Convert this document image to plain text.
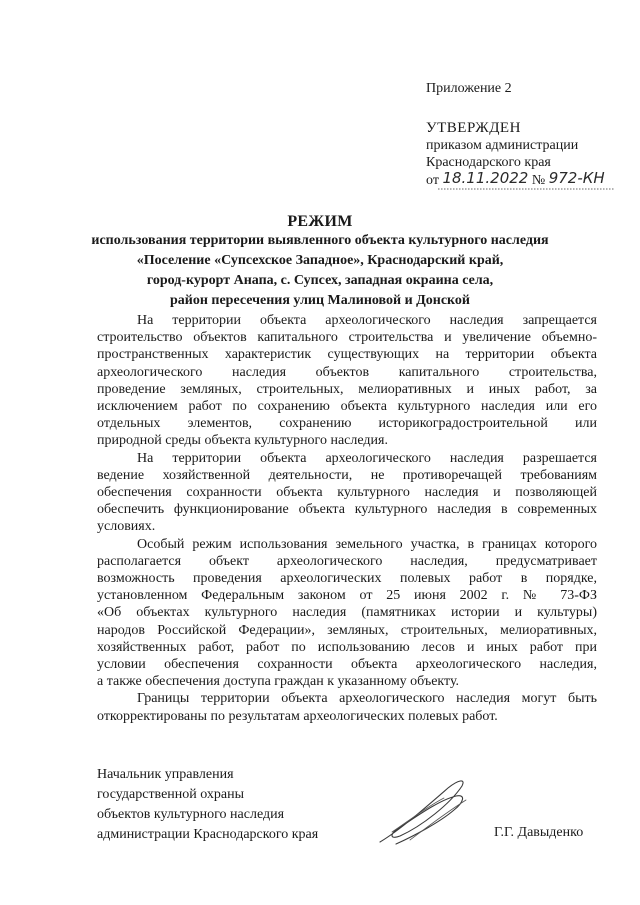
Приложение 2
УТВЕРЖДЕН
приказом администрации
Краснодарского края
от 18.11.2022 № 972-КН
РЕЖИМ
использования территории выявленного объекта культурного наследия
«Поселение «Супсехское Западное», Краснодарский край,
город-курорт Анапа, с. Супсех, западная окраина села,
район пересечения улиц Малиновой и Донской
На территории объекта археологического наследия запрещается
строительство объектов капитального строительства и увеличение объемно-
пространственных характеристик существующих на территории объекта
археологического наследия объектов капитального строительства,
проведение земляных, строительных, мелиоративных и иных работ, за
исключением работ по сохранению объекта культурного наследия или его
отдельных элементов, сохранению историкоградостроительной или
природной среды объекта культурного наследия.
На территории объекта археологического наследия разрешается
ведение хозяйственной деятельности, не противоречащей требованиям
обеспечения сохранности объекта культурного наследия и позволяющей
обеспечить функционирование объекта культурного наследия в современных
условиях.
Особый режим использования земельного участка, в границах которого
располагается объект археологического наследия, предусматривает
возможность проведения археологических полевых работ в порядке,
установленном Федеральным законом от 25 июня 2002 г. № 73-ФЗ
«Об объектах культурного наследия (памятниках истории и культуры)
народов Российской Федерации», земляных, строительных, мелиоративных,
хозяйственных работ, работ по использованию лесов и иных работ при
условии обеспечения сохранности объекта археологического наследия,
а также обеспечения доступа граждан к указанному объекту.
Границы территории объекта археологического наследия могут быть
откорректированы по результатам археологических полевых работ.
Начальник управления
государственной охраны
объектов культурного наследия
администрации Краснодарского края	Г.Г. Давыденко
